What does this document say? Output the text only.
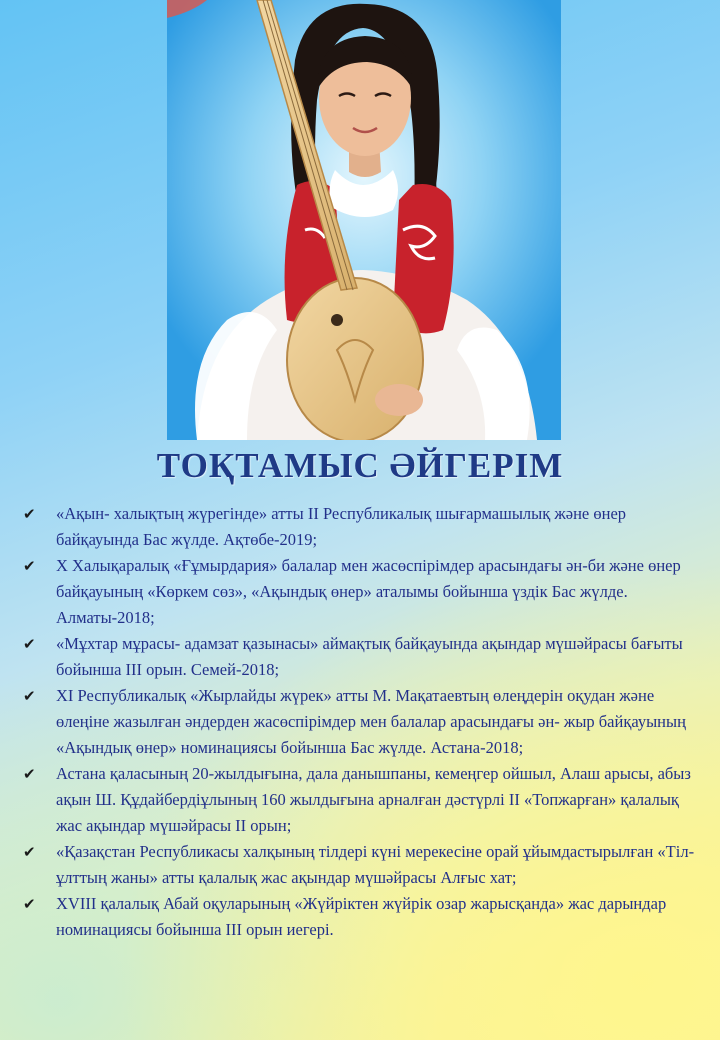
ТОҚТАМЫС ӘЙГЕРІМ
✔ «Ақын- халықтың жүрегінде» атты ІІ Республикалық шығармашылық және өнер байқауында Бас жүлде. Ақтөбе-2019;
✔ Х Халықаралық «Ғұмырдария» балалар мен жасөспірімдер арасындағы ән-би және өнер байқауының «Көркем сөз», «Ақындық өнер» аталымы бойынша үздік Бас жүлде. Алматы-2018;
✔ «Мұхтар мұрасы- адамзат қазынасы» аймақтық байқауында ақындар мүшәйрасы бағыты бойынша ІІІ орын. Семей-2018;
✔ ХІ Республикалық «Жырлайды жүрек» атты М. Мақатаевтың өлеңдерін оқудан және өлеңіне жазылған әндерден жасөспірімдер мен балалар арасындағы ән- жыр байқауының «Ақындық өнер» номинациясы бойынша Бас жүлде. Астана-2018;
✔ Астана қаласының 20-жылдығына, дала данышпаны, кемеңгер ойшыл, Алаш арысы, абыз ақын Ш. Құдайбердіұлының 160 жылдығына арналған дәстүрлі ІІ «Топжарған» қалалық жас ақындар мүшәйрасы ІІ орын;
✔ «Қазақстан Республикасы халқының тілдері күні мерекесіне орай ұйымдастырылған «Тіл- ұлттың жаны» атты қалалық жас ақындар мүшәйрасы Алғыс хат;
✔ ХVІІІ қалалық Абай оқуларының «Жүйріктен жүйрік озар жарысқанда» жас дарындар номинациясы бойынша ІІІ орын иегері.
